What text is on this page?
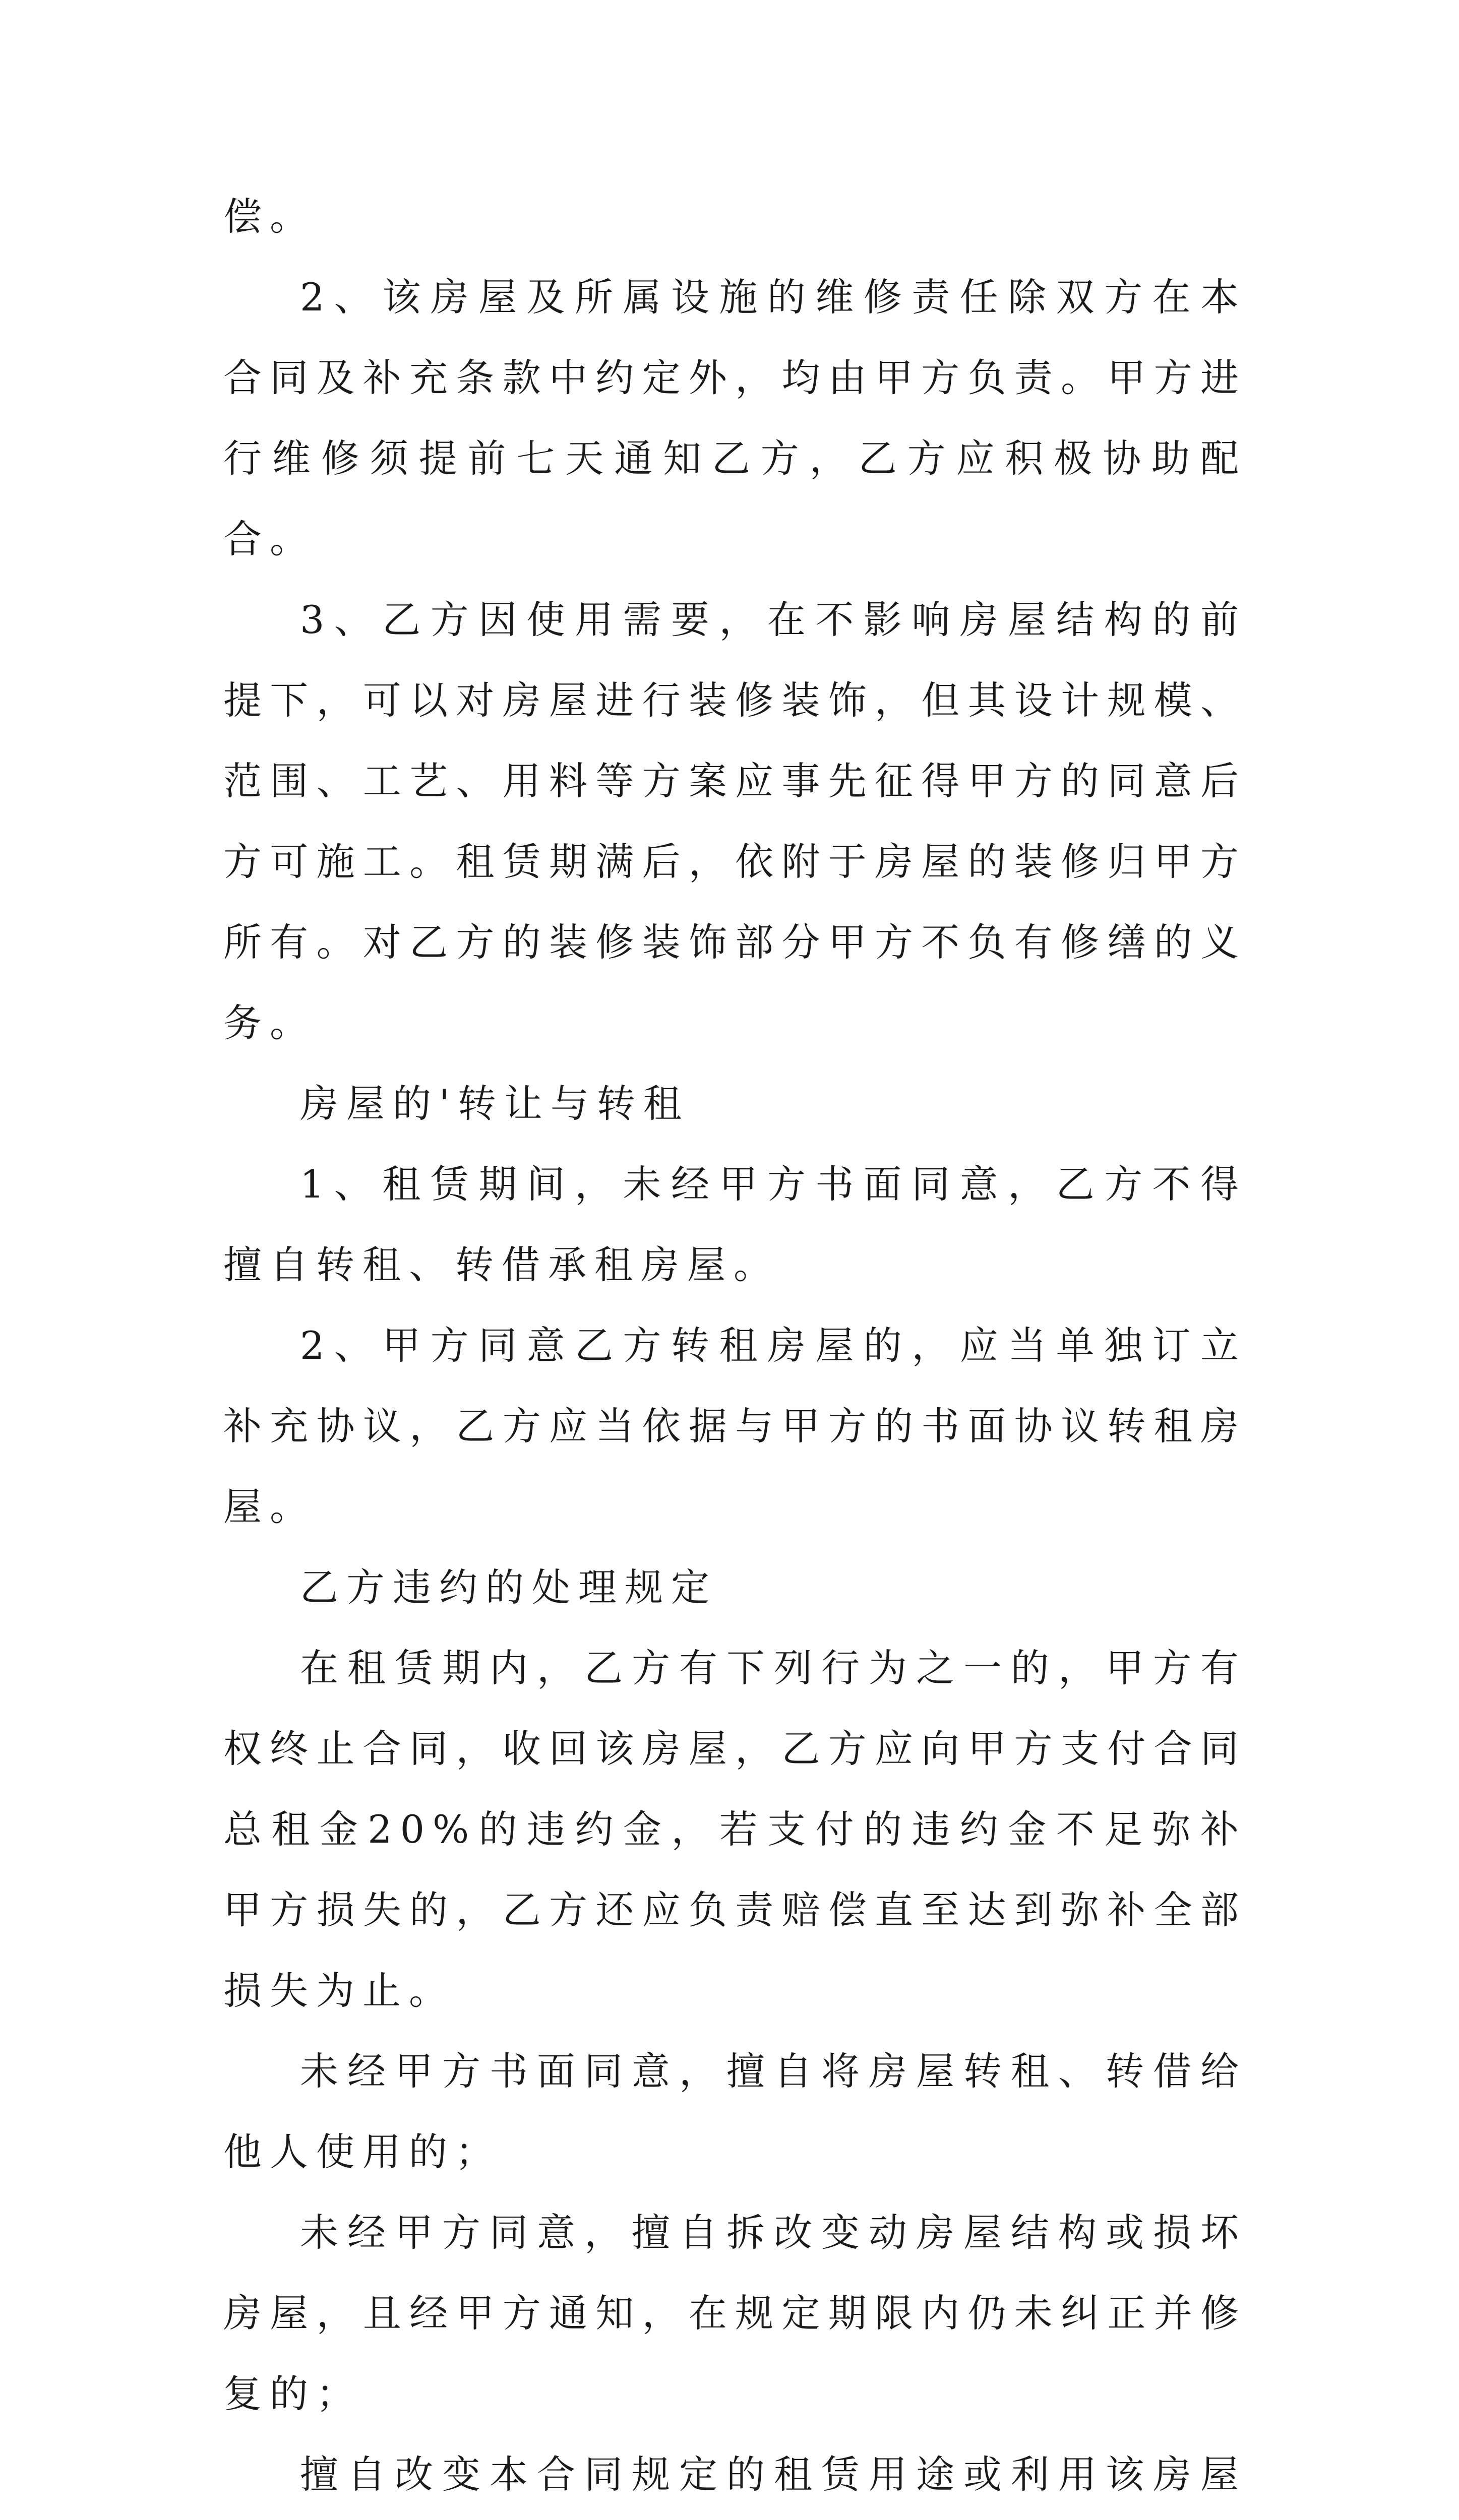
偿。

2、该房屋及所属设施的维修责任除双方在本合同及补充条款中约定外，均由甲方负责。甲方进行维修须提前七天通知乙方，乙方应积极协助配合。

3、乙方因使用需要，在不影响房屋结构的前提下，可以对房屋进行装修装饰，但其设计规模、范围、工艺、用料等方案应事先征得甲方的同意后方可施工。租赁期满后，依附于房屋的装修归甲方所有。对乙方的装修装饰部分甲方不负有修缮的义务。

房屋的'转让与转租

1、租赁期间，未经甲方书面同意，乙方不得擅自转租、转借承租房屋。

2、甲方同意乙方转租房屋的，应当单独订立补充协议，乙方应当依据与甲方的书面协议转租房屋。

乙方违约的处理规定

在租赁期内，乙方有下列行为之一的，甲方有权终止合同，收回该房屋，乙方应向甲方支付合同总租金20%的违约金，若支付的违约金不足弥补甲方损失的，乙方还应负责赔偿直至达到弥补全部损失为止。

未经甲方书面同意，擅自将房屋转租、转借给他人使用的；

未经甲方同意，擅自拆改变动房屋结构或损坏房屋，且经甲方通知，在规定期限内仍未纠正并修复的；

擅自改变本合同规定的租赁用途或利用该房屋
